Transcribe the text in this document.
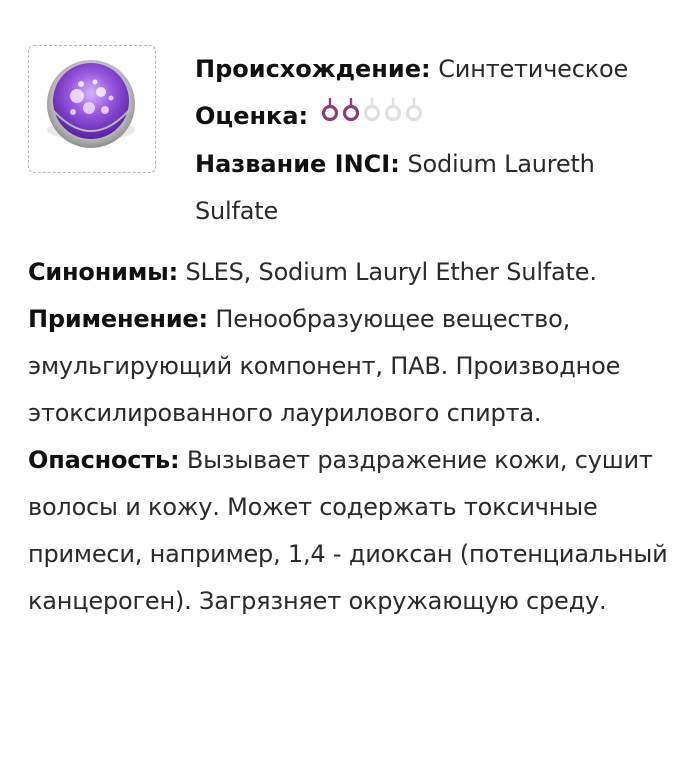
Происхождение: Синтетическое
Оценка:
Название INCI: Sodium Laureth Sulfate

Синонимы: SLES, Sodium Lauryl Ether Sulfate.

Применение: Пенообразующее вещество, эмульгирующий компонент, ПАВ. Производное этоксилированного лаурилового спирта.

Опасность: Вызывает раздражение кожи, сушит волосы и кожу. Может содержать токсичные примеси, например, 1,4 - диоксан (потенциальный канцероген). Загрязняет окружающую среду.
